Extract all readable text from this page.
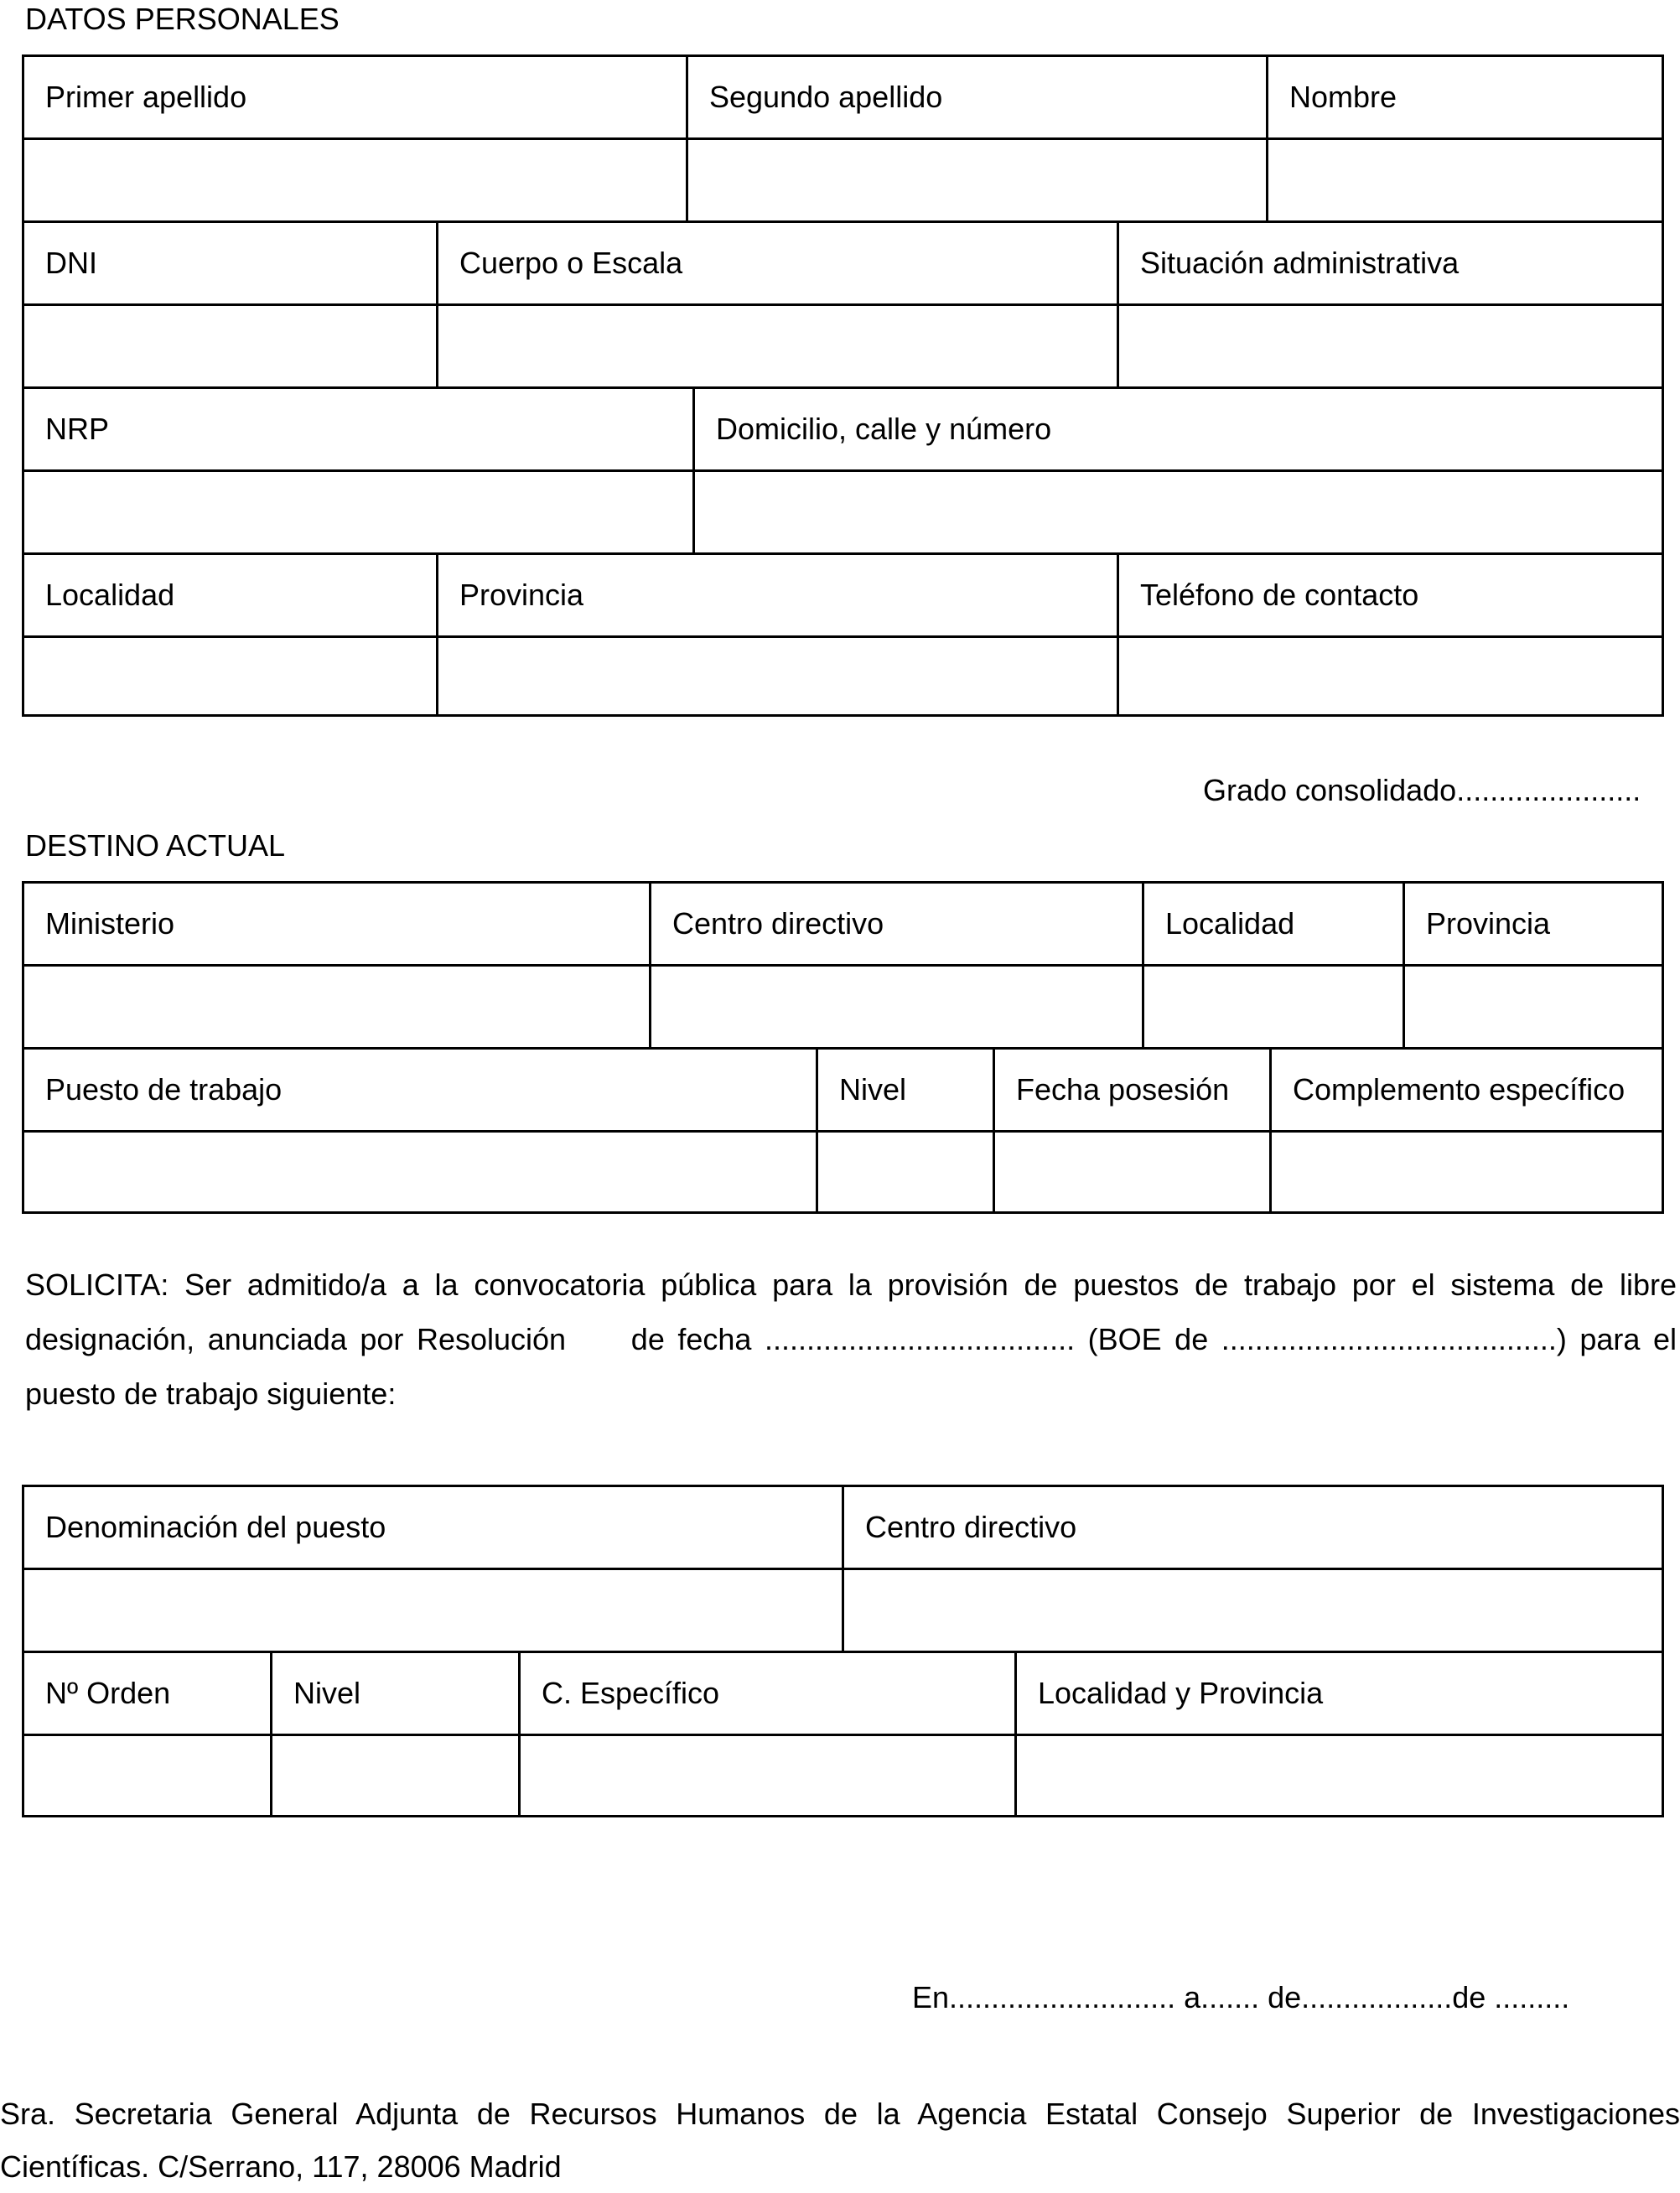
DATOS PERSONALES
Primer apellido	Segundo apellido	Nombre
DNI	Cuerpo o Escala	Situación administrativa
NRP	Domicilio, calle y número
Localidad	Provincia	Teléfono de contacto
Grado consolidado......................
DESTINO ACTUAL
Ministerio	Centro directivo	Localidad	Provincia
Puesto de trabajo	Nivel	Fecha posesión	Complemento específico
SOLICITA: Ser admitido/a a la convocatoria pública para la provisión de puestos de trabajo por el sistema de libre
designación, anunciada por Resolución     de fecha ..................................... (BOE de ........................................) para el
puesto de trabajo siguiente:
Denominación del puesto	Centro directivo
Nº Orden	Nivel	C. Específico	Localidad y Provincia
En........................... a....... de..................de .........
Sra. Secretaria General Adjunta de Recursos Humanos de la Agencia Estatal Consejo Superior de Investigaciones
Científicas. C/Serrano, 117, 28006 Madrid
